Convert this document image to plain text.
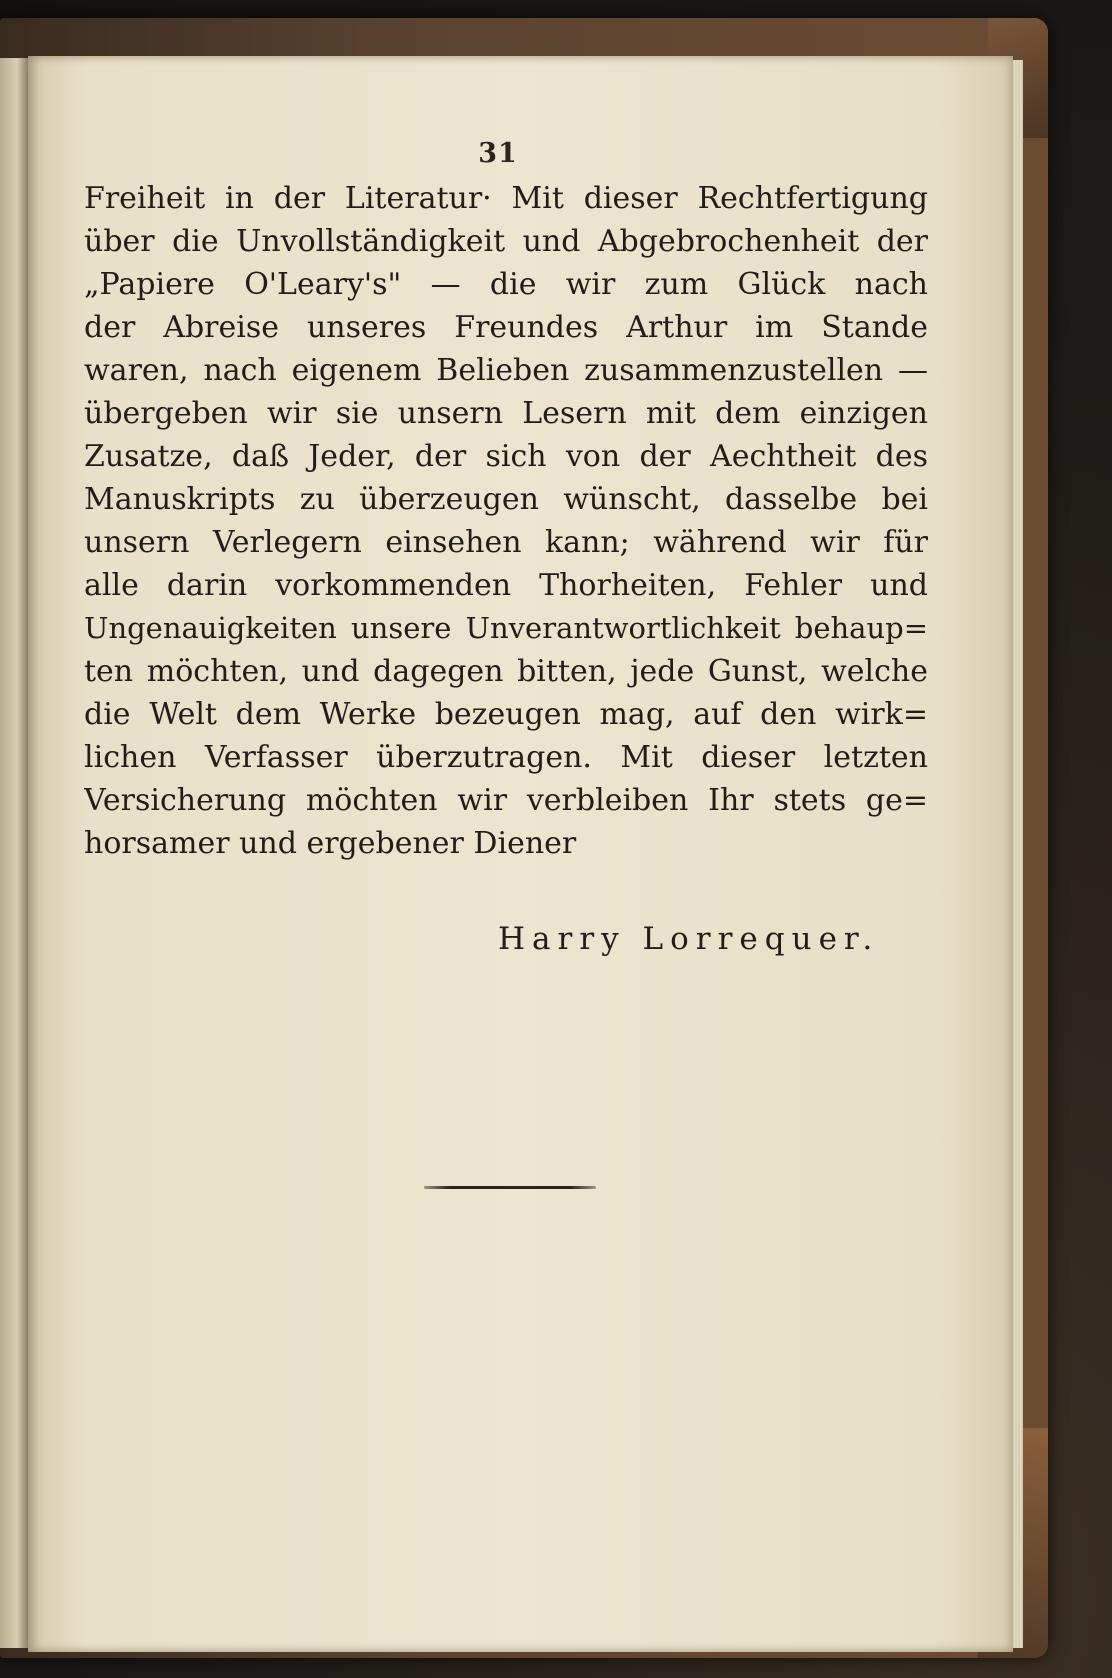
31
Freiheit in der Literatur· Mit dieser Rechtfertigung
über die Unvollständigkeit und Abgebrochenheit der
„Papiere O'Leary's" — die wir zum Glück nach
der Abreise unseres Freundes Arthur im Stande
waren, nach eigenem Belieben zusammenzustellen —
übergeben wir sie unsern Lesern mit dem einzigen
Zusatze, daß Jeder, der sich von der Aechtheit des
Manuskripts zu überzeugen wünscht, dasselbe bei
unsern Verlegern einsehen kann; während wir für
alle darin vorkommenden Thorheiten, Fehler und
Ungenauigkeiten unsere Unverantwortlichkeit behaup=
ten möchten, und dagegen bitten, jede Gunst, welche
die Welt dem Werke bezeugen mag, auf den wirk=
lichen Verfasser überzutragen. Mit dieser letzten
Versicherung möchten wir verbleiben Ihr stets ge=
horsamer und ergebener Diener
Harry Lorrequer.
